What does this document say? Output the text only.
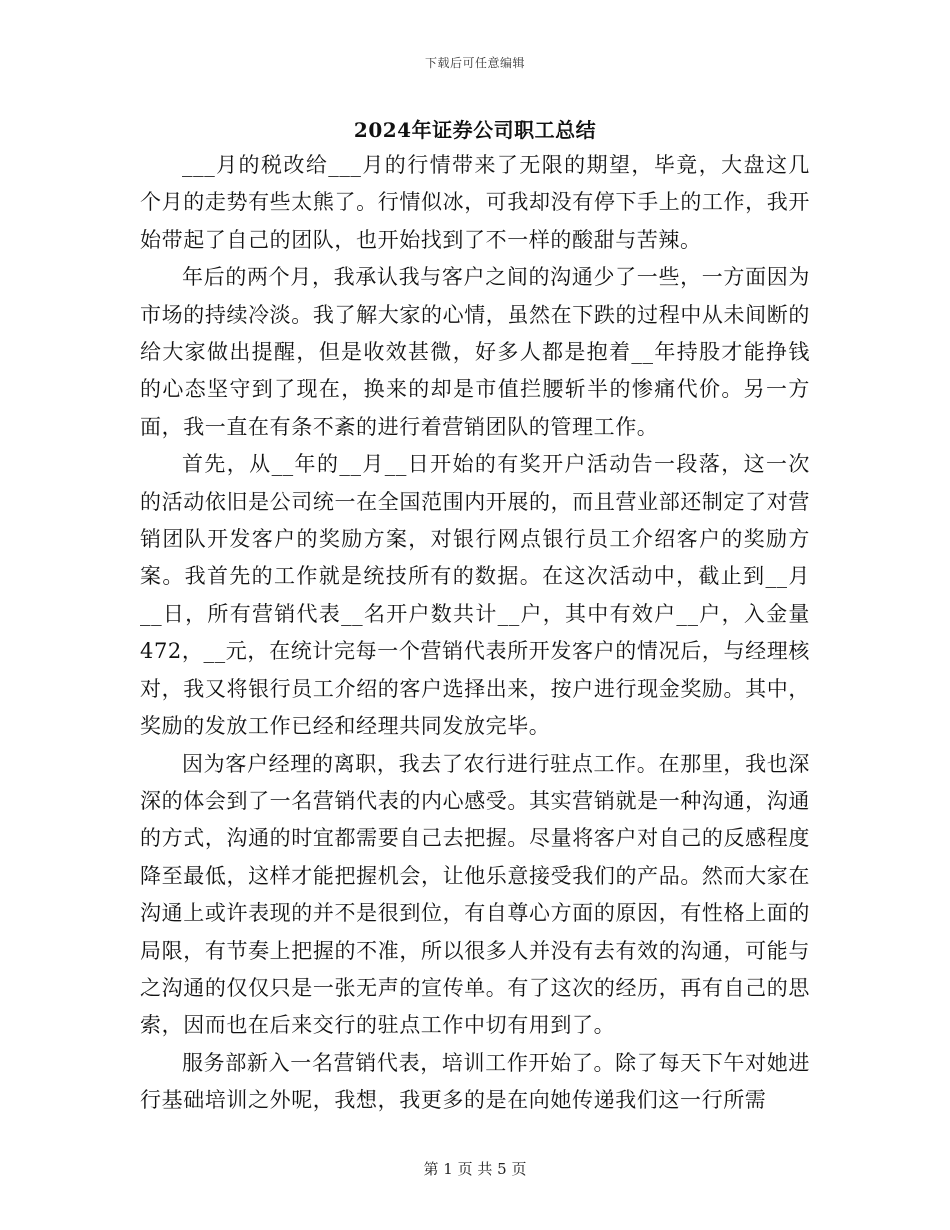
下载后可任意编辑
2024年证券公司职工总结

___月的税改给___月的行情带来了无限的期望，毕竟，大盘这几个月的走势有些太熊了。行情似冰，可我却没有停下手上的工作，我开始带起了自己的团队，也开始找到了不一样的酸甜与苦辣。

年后的两个月，我承认我与客户之间的沟通少了一些，一方面因为市场的持续冷淡。我了解大家的心情，虽然在下跌的过程中从未间断的给大家做出提醒，但是收效甚微，好多人都是抱着__年持股才能挣钱的心态坚守到了现在，换来的却是市值拦腰斩半的惨痛代价。另一方面，我一直在有条不紊的进行着营销团队的管理工作。

首先，从__年的__月__日开始的有奖开户活动告一段落，这一次的活动依旧是公司统一在全国范围内开展的，而且营业部还制定了对营销团队开发客户的奖励方案，对银行网点银行员工介绍客户的奖励方案。我首先的工作就是统技所有的数据。在这次活动中，截止到__月__日，所有营销代表__名开户数共计__户，其中有效户__户，入金量472，__元，在统计完每一个营销代表所开发客户的情况后，与经理核对，我又将银行员工介绍的客户选择出来，按户进行现金奖励。其中，奖励的发放工作已经和经理共同发放完毕。

因为客户经理的离职，我去了农行进行驻点工作。在那里，我也深深的体会到了一名营销代表的内心感受。其实营销就是一种沟通，沟通的方式，沟通的时宜都需要自己去把握。尽量将客户对自己的反感程度降至最低，这样才能把握机会，让他乐意接受我们的产品。然而大家在沟通上或许表现的并不是很到位，有自尊心方面的原因，有性格上面的局限，有节奏上把握的不准，所以很多人并没有去有效的沟通，可能与之沟通的仅仅只是一张无声的宣传单。有了这次的经历，再有自己的思索，因而也在后来交行的驻点工作中切有用到了。

服务部新入一名营销代表，培训工作开始了。除了每天下午对她进行基础培训之外呢，我想，我更多的是在向她传递我们这一行所需

第 1 页 共 5 页
